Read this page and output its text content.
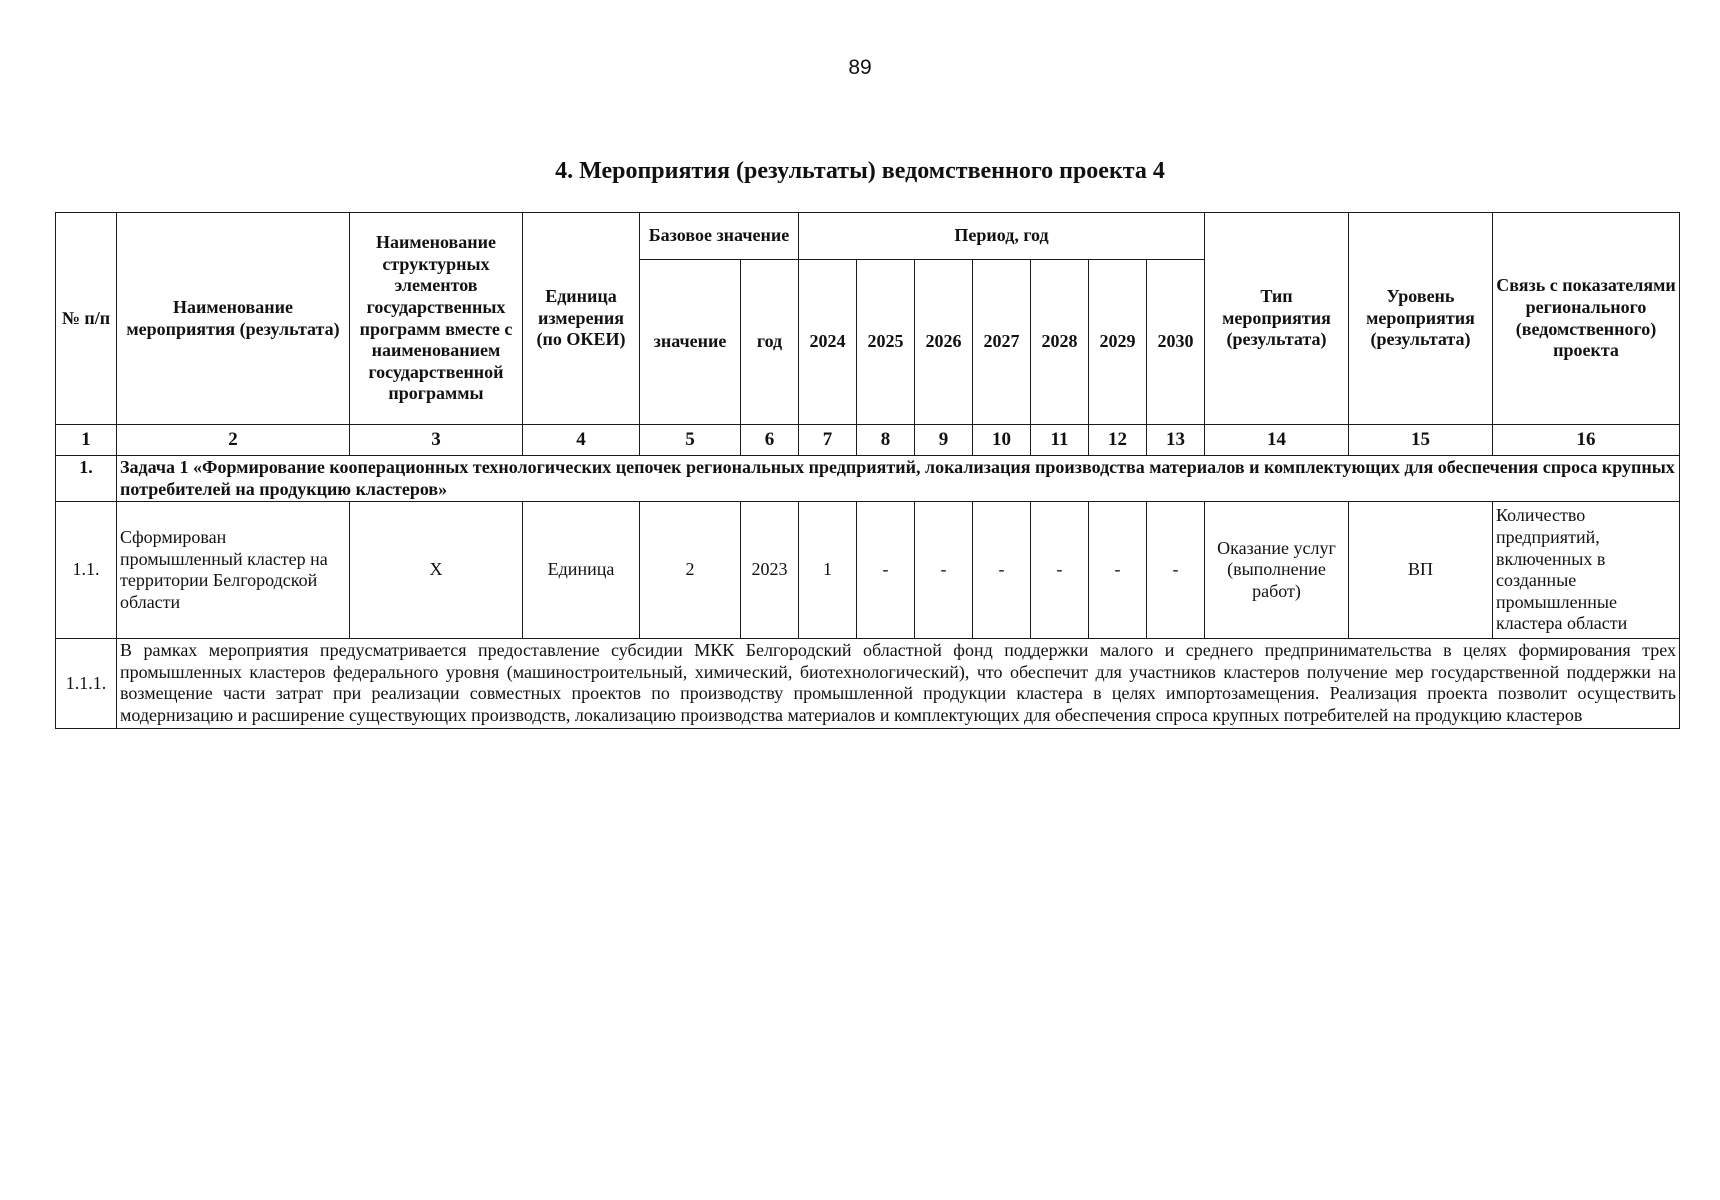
89
4. Мероприятия (результаты) ведомственного проекта 4
№ п/п	Наименование мероприятия (результата)	Наименование структурных элементов государственных программ вместе с наименованием государственной программы	Единица измерения (по ОКЕИ)	Базовое значение		Период, год							Тип мероприятия (результата)	Уровень мероприятия (результата)	Связь с показателями регионального (ведомственного) проекта
				значение	год	2024	2025	2026	2027	2028	2029	2030			
1	2	3	4	5	6	7	8	9	10	11	12	13	14	15	16
1.	Задача 1 «Формирование кооперационных технологических цепочек региональных предприятий, локализация производства материалов и комплектующих для обеспечения спроса крупных потребителей на продукцию кластеров»														
1.1.	Сформирован промышленный кластер на территории Белгородской области	Х	Единица	2	2023	1	-	-	-	-	-	-	Оказание услуг (выполнение работ)	ВП	Количество предприятий, включенных в созданные промышленные кластера области
1.1.1.	В рамках мероприятия предусматривается предоставление субсидии МКК Белгородский областной фонд поддержки малого и среднего предпринимательства в целях формирования трех промышленных кластеров федерального уровня (машиностроительный, химический, биотехнологический), что обеспечит для участников кластеров получение мер государственной поддержки на возмещение части затрат при реализации совместных проектов по производству промышленной продукции кластера в целях импортозамещения. Реализация проекта позволит осуществить модернизацию и расширение существующих производств, локализацию производства материалов и комплектующих для обеспечения спроса крупных потребителей на продукцию кластеров														
